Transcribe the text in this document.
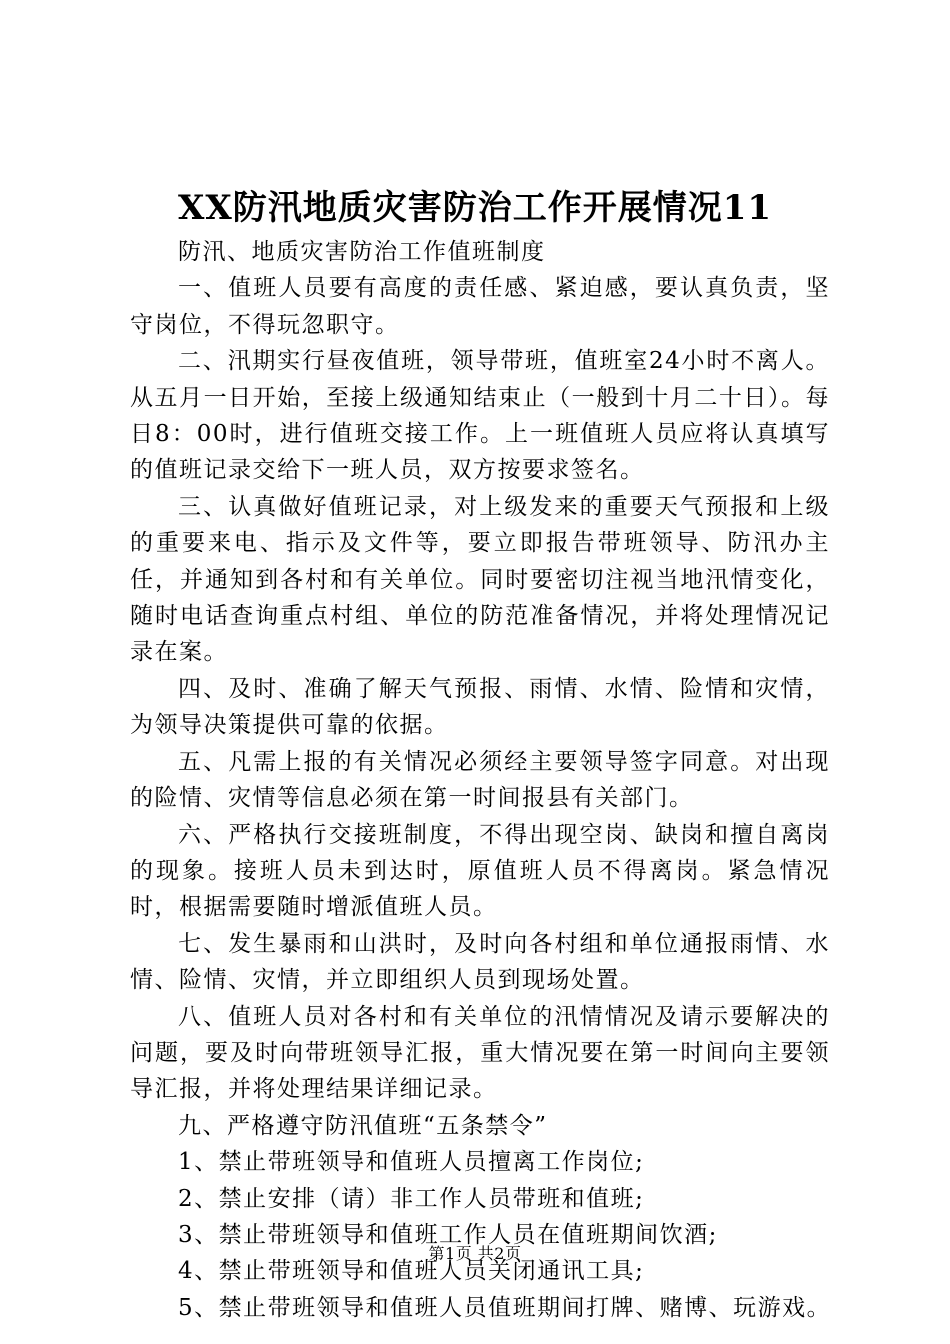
XX防汛地质灾害防治工作开展情况11

防汛、地质灾害防治工作值班制度

一、值班人员要有高度的责任感、紧迫感，要认真负责，坚守岗位，不得玩忽职守。

二、汛期实行昼夜值班，领导带班，值班室24小时不离人。从五月一日开始，至接上级通知结束止（一般到十月二十日）。每日8：00时，进行值班交接工作。上一班值班人员应将认真填写的值班记录交给下一班人员，双方按要求签名。

三、认真做好值班记录，对上级发来的重要天气预报和上级的重要来电、指示及文件等，要立即报告带班领导、防汛办主任，并通知到各村和有关单位。同时要密切注视当地汛情变化，随时电话查询重点村组、单位的防范准备情况，并将处理情况记录在案。

四、及时、准确了解天气预报、雨情、水情、险情和灾情，为领导决策提供可靠的依据。

五、凡需上报的有关情况必须经主要领导签字同意。对出现的险情、灾情等信息必须在第一时间报县有关部门。

六、严格执行交接班制度，不得出现空岗、缺岗和擅自离岗的现象。接班人员未到达时，原值班人员不得离岗。紧急情况时，根据需要随时增派值班人员。

七、发生暴雨和山洪时，及时向各村组和单位通报雨情、水情、险情、灾情，并立即组织人员到现场处置。

八、值班人员对各村和有关单位的汛情情况及请示要解决的问题，要及时向带班领导汇报，重大情况要在第一时间向主要领导汇报，并将处理结果详细记录。

九、严格遵守防汛值班“五条禁令”

1、禁止带班领导和值班人员擅离工作岗位;

2、禁止安排（请）非工作人员带班和值班;

3、禁止带班领导和值班工作人员在值班期间饮酒;

4、禁止带班领导和值班人员关闭通讯工具;

5、禁止带班领导和值班人员值班期间打牌、赌博、玩游戏。

第1页 共2页
